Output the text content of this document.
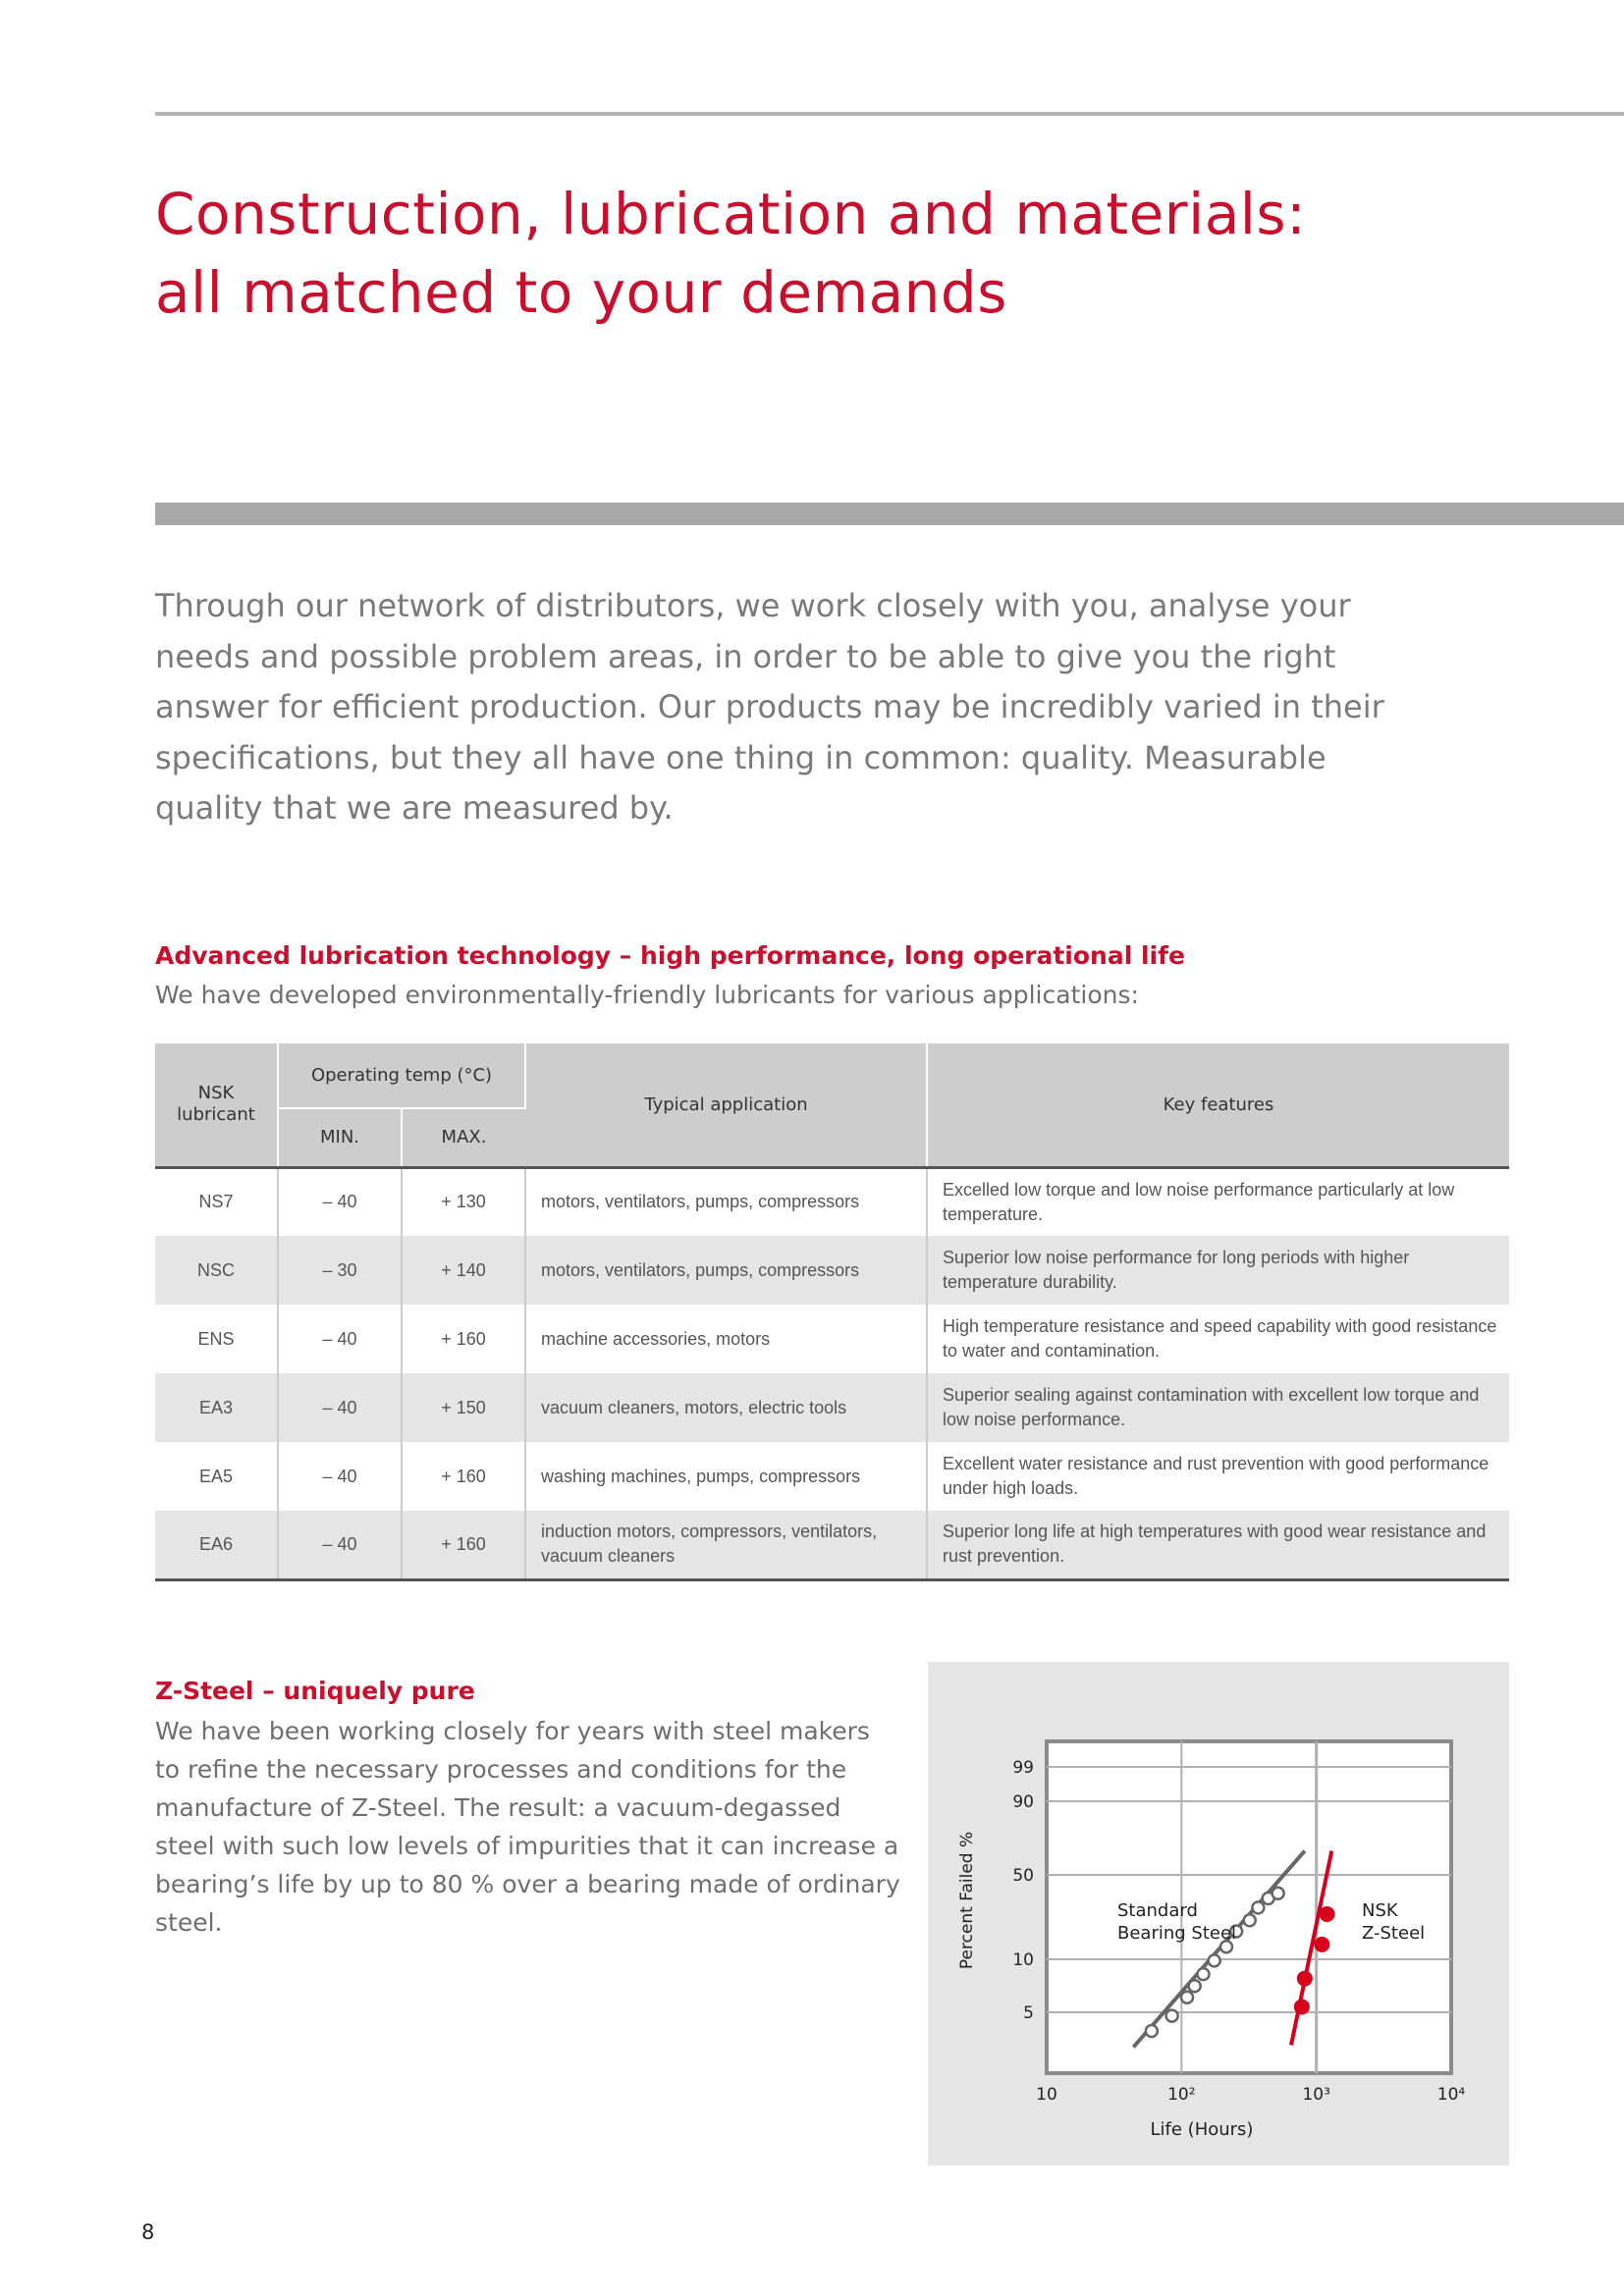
Construction, lubrication and materials:
all matched to your demands

Through our network of distributors, we work closely with you, analyse your needs and possible problem areas, in order to be able to give you the right answer for efficient production. Our products may be incredibly varied in their specifications, but they all have one thing in common: quality. Measurable quality that we are measured by.

Advanced lubrication technology – high performance, long operational life
We have developed environmentally-friendly lubricants for various applications:
NSK lubricant	Operating temp (°C)		Typical application	Key features
	MIN.	MAX.		
NS7	– 40	+ 130	motors, ventilators, pumps, compressors	Excelled low torque and low noise performance particularly at low temperature.
NSC	– 30	+ 140	motors, ventilators, pumps, compressors	Superior low noise performance for long periods with higher temperature durability.
ENS	– 40	+ 160	machine accessories, motors	High temperature resistance and speed capability with good resistance to water and contamination.
EA3	– 40	+ 150	vacuum cleaners, motors, electric tools	Superior sealing against contamination with excellent low torque and low noise performance.
EA5	– 40	+ 160	washing machines, pumps, compressors	Excellent water resistance and rust prevention with good performance under high loads.
EA6	– 40	+ 160	induction motors, compressors, ventilators, vacuum cleaners	Superior long life at high temperatures with good wear resistance and rust prevention.
Z-Steel – uniquely pure

We have been working closely for years with steel makers to refine the necessary processes and conditions for the manufacture of Z-Steel. The result: a vacuum-degassed steel with such low levels of impurities that it can increase a bearing’s life by up to 80 % over a bearing made of ordinary steel.

99
90
50
10
5
10	10²	10³	10⁴
Life (Hours)
Percent Failed %	Standard
Bearing Steel
NSK
Z-Steel
8
